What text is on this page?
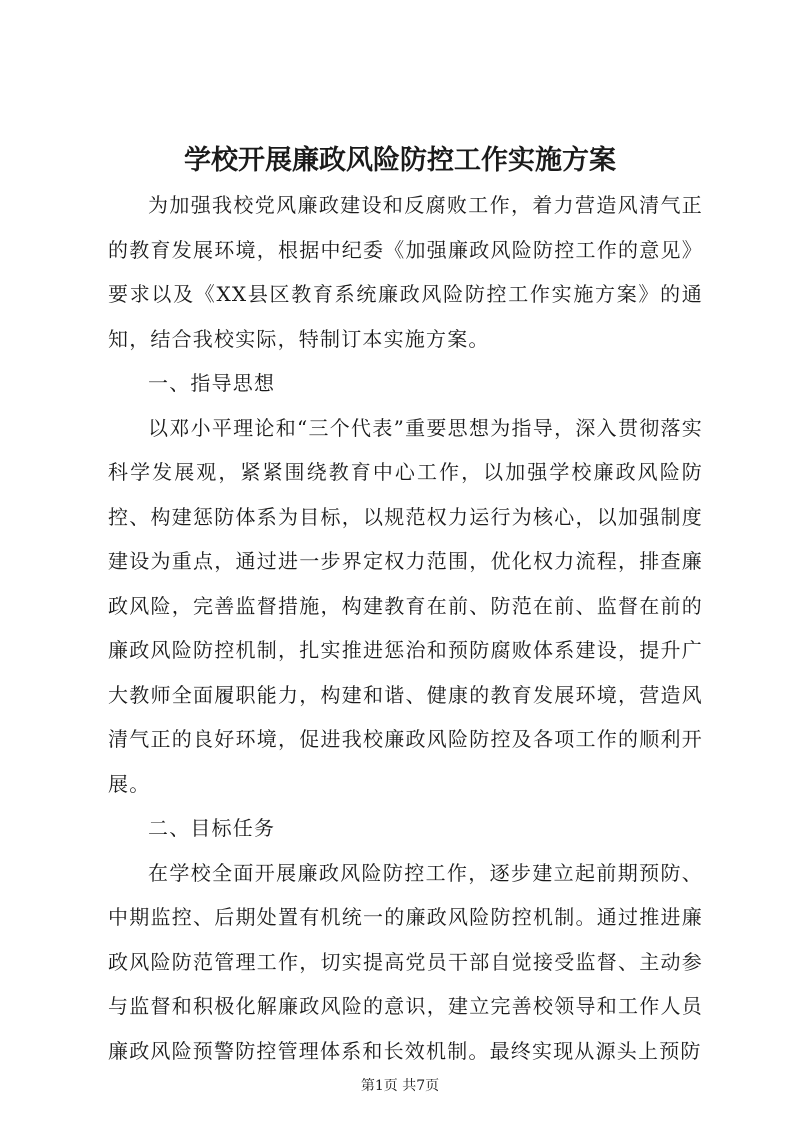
学校开展廉政风险防控工作实施方案

为加强我校党风廉政建设和反腐败工作，着力营造风清气正的教育发展环境，根据中纪委《加强廉政风险防控工作的意见》要求以及《XX县区教育系统廉政风险防控工作实施方案》的通知，结合我校实际，特制订本实施方案。

一、指导思想

以邓小平理论和“三个代表”重要思想为指导，深入贯彻落实科学发展观，紧紧围绕教育中心工作，以加强学校廉政风险防控、构建惩防体系为目标，以规范权力运行为核心，以加强制度建设为重点，通过进一步界定权力范围，优化权力流程，排查廉政风险，完善监督措施，构建教育在前、防范在前、监督在前的廉政风险防控机制，扎实推进惩治和预防腐败体系建设，提升广大教师全面履职能力，构建和谐、健康的教育发展环境，营造风清气正的良好环境，促进我校廉政风险防控及各项工作的顺利开展。

二、目标任务

在学校全面开展廉政风险防控工作，逐步建立起前期预防、中期监控、后期处置有机统一的廉政风险防控机制。通过推进廉政风险防范管理工作，切实提高党员干部自觉接受监督、主动参与监督和积极化解廉政风险的意识，建立完善校领导和工作人员廉政风险预警防控管理体系和长效机制。最终实现从源头上预防

第1页 共7页
